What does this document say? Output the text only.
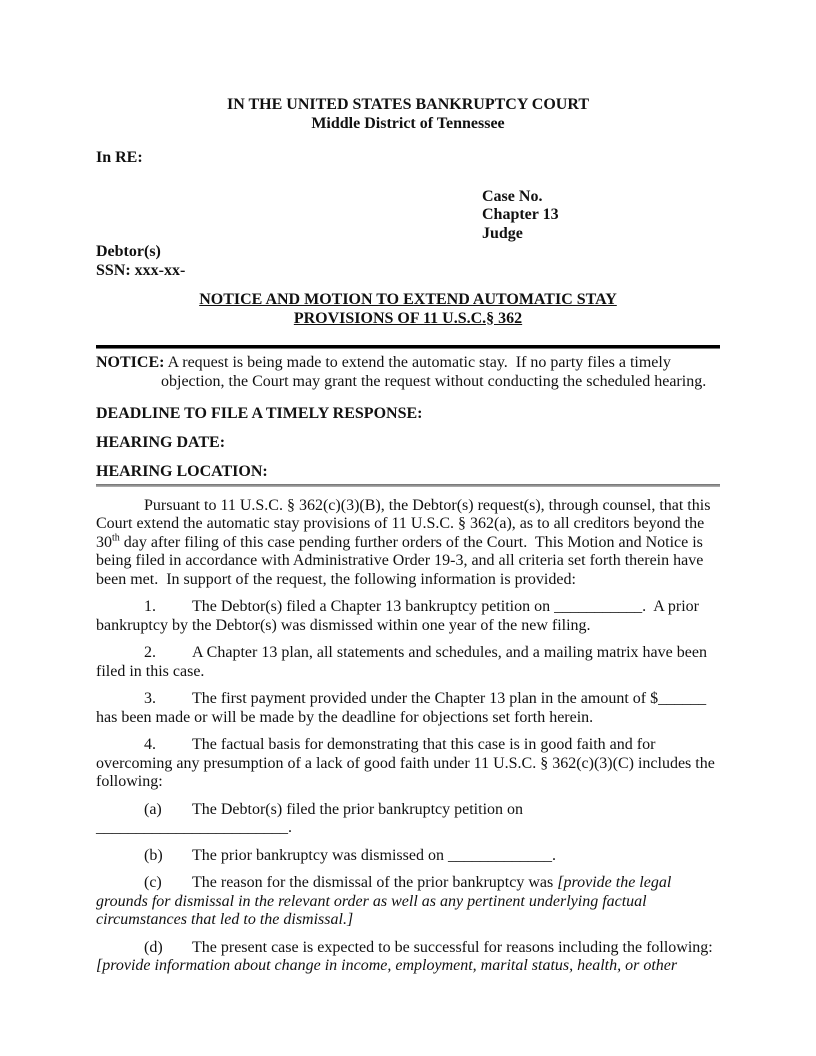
IN THE UNITED STATES BANKRUPTCY COURT
Middle District of Tennessee
In RE:
Case No.
Chapter 13
Judge
Debtor(s)
SSN: xxx-xx-
NOTICE AND MOTION TO EXTEND AUTOMATIC STAY
PROVISIONS OF 11 U.S.C.§ 362

NOTICE: A request is being made to extend the automatic stay.  If no party files a timely objection, the Court may grant the request without conducting the scheduled hearing.

DEADLINE TO FILE A TIMELY RESPONSE:

HEARING DATE:

HEARING LOCATION:

Pursuant to 11 U.S.C. § 362(c)(3)(B), the Debtor(s) request(s), through counsel, that this Court extend the automatic stay provisions of 11 U.S.C. § 362(a), as to all creditors beyond the 30th day after filing of this case pending further orders of the Court.  This Motion and Notice is being filed in accordance with Administrative Order 19-3, and all criteria set forth therein have been met.  In support of the request, the following information is provided:

1. The Debtor(s) filed a Chapter 13 bankruptcy petition on ___________.  A prior bankruptcy by the Debtor(s) was dismissed within one year of the new filing.

2. A Chapter 13 plan, all statements and schedules, and a mailing matrix have been filed in this case.

3. The first payment provided under the Chapter 13 plan in the amount of $______ has been made or will be made by the deadline for objections set forth herein.

4. The factual basis for demonstrating that this case is in good faith and for overcoming any presumption of a lack of good faith under 11 U.S.C. § 362(c)(3)(C) includes the following:

(a) The Debtor(s) filed the prior bankruptcy petition on ________________________.

(b) The prior bankruptcy was dismissed on _____________.

(c) The reason for the dismissal of the prior bankruptcy was [provide the legal grounds for dismissal in the relevant order as well as any pertinent underlying factual circumstances that led to the dismissal.]

(d) The present case is expected to be successful for reasons including the following: [provide information about change in income, employment, marital status, health, or other
